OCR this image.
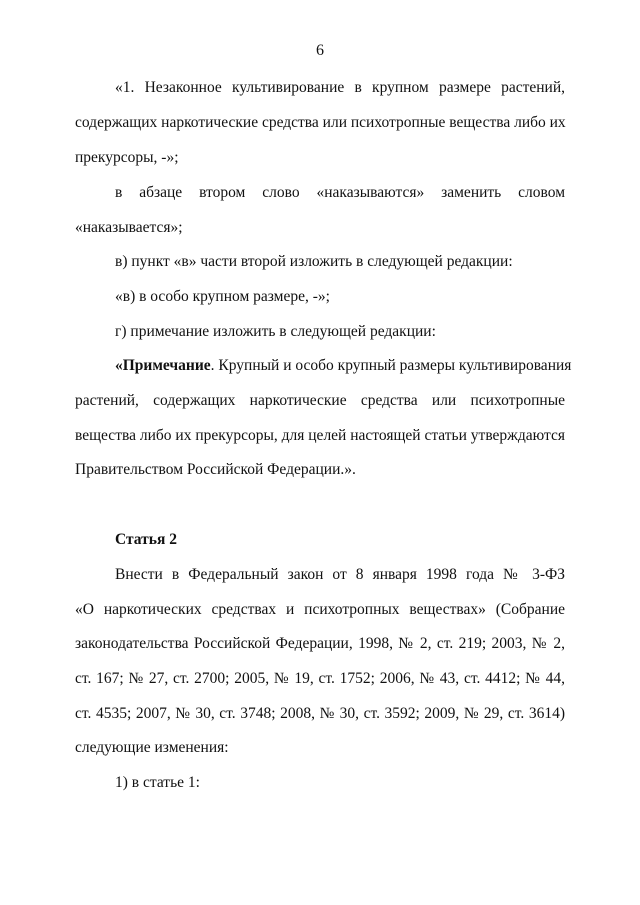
6

«1. Незаконное культивирование в крупном размере растений,

содержащих наркотические средства или психотропные вещества либо их

прекурсоры, -»;

в абзаце втором слово «наказываются» заменить словом

«наказывается»;

в) пункт «в» части второй изложить в следующей редакции:

«в) в особо крупном размере, -»;

г) примечание изложить в следующей редакции:

«Примечание. Крупный и особо крупный размеры культивирования

растений, содержащих наркотические средства или психотропные

вещества либо их прекурсоры, для целей настоящей статьи утверждаются

Правительством Российской Федерации.».

Статья 2

Внести в Федеральный закон от 8 января 1998 года № 3-ФЗ

«О наркотических средствах и психотропных веществах» (Собрание

законодательства Российской Федерации, 1998, № 2, ст. 219; 2003, № 2,

ст. 167; № 27, ст. 2700; 2005, № 19, ст. 1752; 2006, № 43, ст. 4412; № 44,

ст. 4535; 2007, № 30, ст. 3748; 2008, № 30, ст. 3592; 2009, № 29, ст. 3614)

следующие изменения:

1) в статье 1:
